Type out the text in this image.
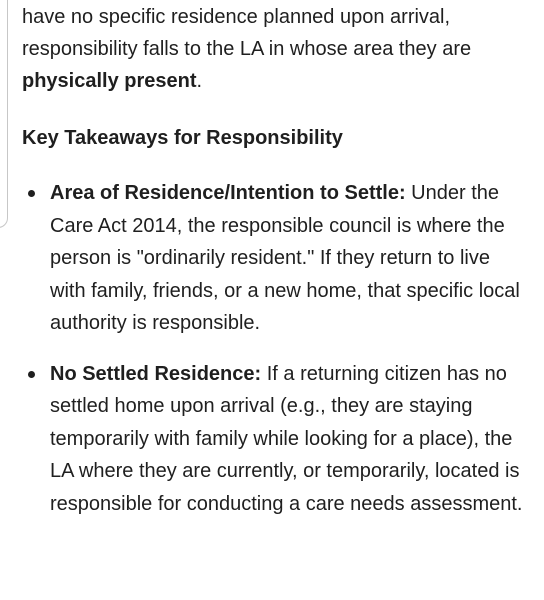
have no specific residence planned upon arrival, responsibility falls to the LA in whose area they are physically present.

Key Takeaways for Responsibility
Area of Residence/Intention to Settle: Under the Care Act 2014, the responsible council is where the person is "ordinarily resident." If they return to live with family, friends, or a new home, that specific local authority is responsible.
No Settled Residence: If a returning citizen has no settled home upon arrival (e.g., they are staying temporarily with family while looking for a place), the LA where they are currently, or temporarily, located is responsible for conducting a care needs assessment.
